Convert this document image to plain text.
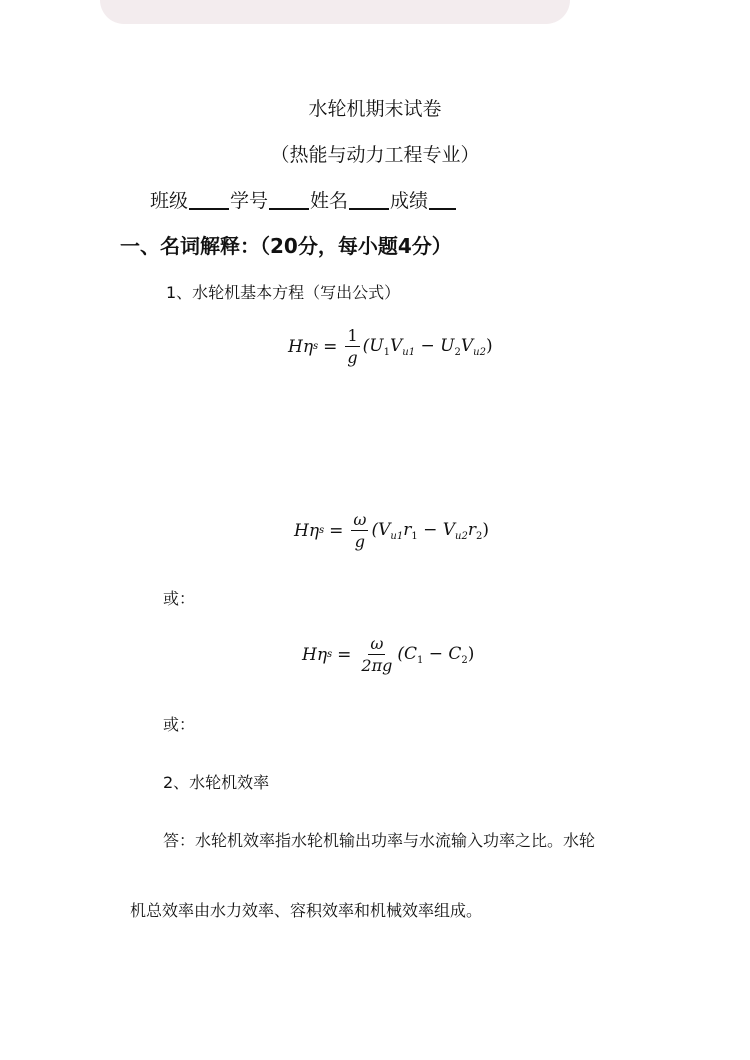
水轮机期末试卷
（热能与动力工程专业）
班级 学号 姓名 成绩
一、名词解释：（20分，每小题4分）
1、水轮机基本方程（写出公式）
Hη $s = \frac{1}{g} (U_1V_{u1} - U_2V_{u2})$
Hη $s = \frac{\omega}{g} (V_{u1}r_1 - V_{u2}r_2)$
或：
Hη $s = \frac{\omega}{2\pi g} (C_1 - C_2)$
或：
2、水轮机效率
答：水轮机效率指水轮机输出功率与水流输入功率之比。水轮
机总效率由水力效率、容积效率和机械效率组成。
